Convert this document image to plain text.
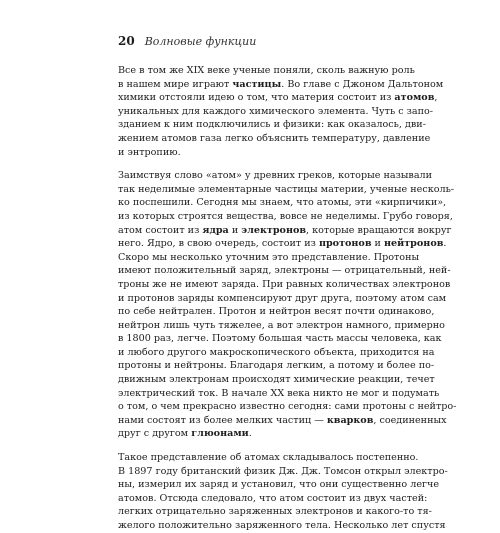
20 Волновые функции

Все в том же XIX веке ученые поняли, сколь важную роль
в нашем мире играют частицы. Во главе с Джоном Дальтоном
химики отстояли идею о том, что материя состоит из атомов,
уникальных для каждого химического элемента. Чуть с запо-
зданием к ним подключились и физики: как оказалось, дви-
жением атомов газа легко объяснить температуру, давление
и энтропию.

Заимствуя слово «атом» у древних греков, которые называли
так неделимые элементарные частицы материи, ученые несколь-
ко поспешили. Сегодня мы знаем, что атомы, эти «кирпичики»,
из которых строятся вещества, вовсе не неделимы. Грубо говоря,
атом состоит из ядра и электронов, которые вращаются вокруг
него. Ядро, в свою очередь, состоит из протонов и нейтронов.
Скоро мы несколько уточним это представление. Протоны
имеют положительный заряд, электроны — отрицательный, ней-
троны же не имеют заряда. При равных количествах электронов
и протонов заряды компенсируют друг друга, поэтому атом сам
по себе нейтрален. Протон и нейтрон весят почти одинаково,
нейтрон лишь чуть тяжелее, а вот электрон намного, примерно
в 1800 раз, легче. Поэтому большая часть массы человека, как
и любого другого макроскопического объекта, приходится на
протоны и нейтроны. Благодаря легким, а потому и более по-
движным электронам происходят химические реакции, течет
электрический ток. В начале XX века никто не мог и подумать
о том, о чем прекрасно известно сегодня: сами протоны с нейтро-
нами состоят из более мелких частиц — кварков, соединенных
друг с другом глюонами.

Такое представление об атомах складывалось постепенно.
В 1897 году британский физик Дж. Дж. Томсон открыл электро-
ны, измерил их заряд и установил, что они существенно легче
атомов. Отсюда следовало, что атом состоит из двух частей:
легких отрицательно заряженных электронов и какого-то тя-
желого положительно заряженного тела. Несколько лет спустя
